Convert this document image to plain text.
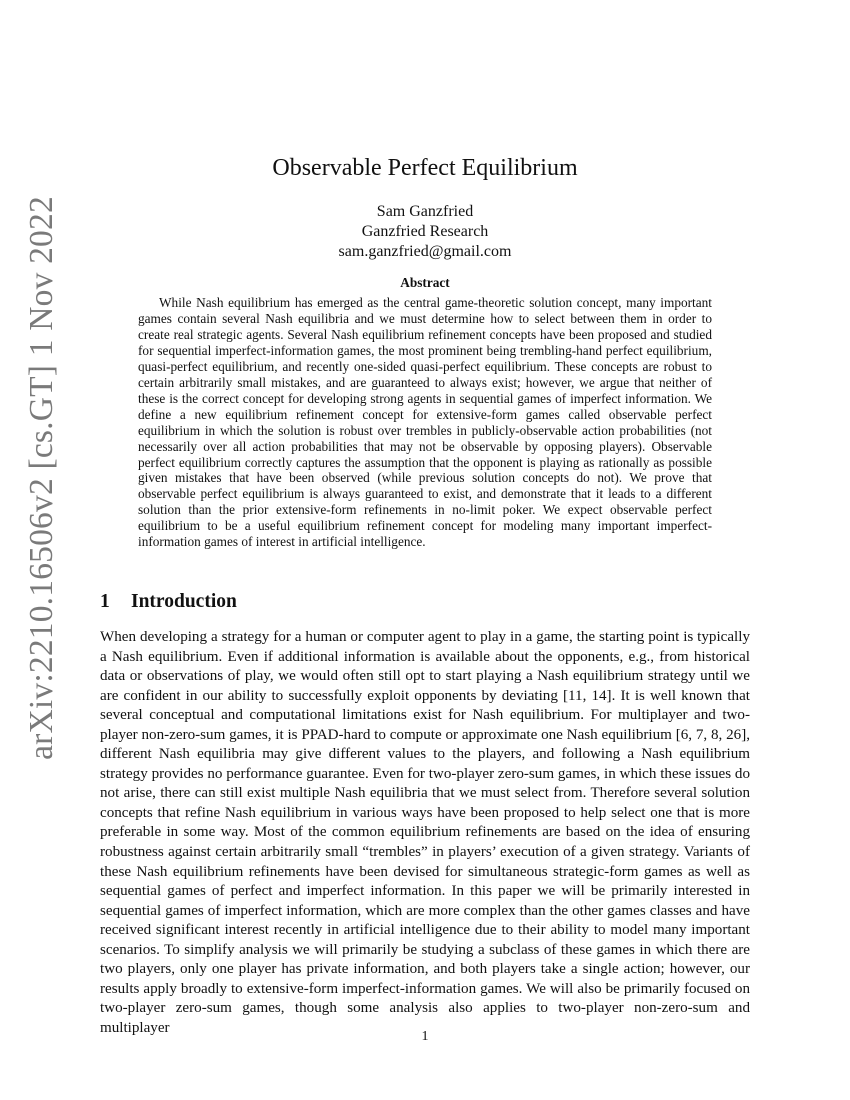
arXiv:2210.16506v2 [cs.GT] 1 Nov 2022
Observable Perfect Equilibrium
Sam Ganzfried
Ganzfried Research
sam.ganzfried@gmail.com
Abstract

While Nash equilibrium has emerged as the central game-theoretic solution concept, many important games contain several Nash equilibria and we must determine how to select between them in order to create real strategic agents. Several Nash equilibrium refinement concepts have been proposed and studied for sequential imperfect-information games, the most prominent being trembling-hand perfect equilibrium, quasi-perfect equilibrium, and recently one-sided quasi-perfect equilibrium. These concepts are robust to certain arbitrarily small mistakes, and are guaranteed to always exist; however, we argue that neither of these is the correct concept for developing strong agents in sequential games of imperfect information. We define a new equilibrium refinement concept for extensive-form games called observable perfect equilibrium in which the solution is robust over trembles in publicly-observable action probabilities (not necessarily over all action probabilities that may not be observable by opposing players). Observable perfect equilibrium correctly captures the assumption that the opponent is playing as rationally as possible given mistakes that have been observed (while previous solution concepts do not). We prove that observable perfect equilibrium is always guaranteed to exist, and demonstrate that it leads to a different solution than the prior extensive-form refinements in no-limit poker. We expect observable perfect equilibrium to be a useful equilibrium refinement concept for modeling many important imperfect-information games of interest in artificial intelligence.

1 Introduction

When developing a strategy for a human or computer agent to play in a game, the starting point is typically a Nash equilibrium. Even if additional information is available about the opponents, e.g., from historical data or observations of play, we would often still opt to start playing a Nash equilibrium strategy until we are confident in our ability to successfully exploit opponents by deviating [11, 14]. It is well known that several conceptual and computational limitations exist for Nash equilibrium. For multiplayer and two-player non-zero-sum games, it is PPAD-hard to compute or approximate one Nash equilibrium [6, 7, 8, 26], different Nash equilibria may give different values to the players, and following a Nash equilibrium strategy provides no performance guarantee. Even for two-player zero-sum games, in which these issues do not arise, there can still exist multiple Nash equilibria that we must select from. Therefore several solution concepts that refine Nash equilibrium in various ways have been proposed to help select one that is more preferable in some way. Most of the common equilibrium refinements are based on the idea of ensuring robustness against certain arbitrarily small “trembles” in players’ execution of a given strategy. Variants of these Nash equilibrium refinements have been devised for simultaneous strategic-form games as well as sequential games of perfect and imperfect information. In this paper we will be primarily interested in sequential games of imperfect information, which are more complex than the other games classes and have received significant interest recently in artificial intelligence due to their ability to model many important scenarios. To simplify analysis we will primarily be studying a subclass of these games in which there are two players, only one player has private information, and both players take a single action; however, our results apply broadly to extensive-form imperfect-information games. We will also be primarily focused on two-player zero-sum games, though some analysis also applies to two-player non-zero-sum and multiplayer

1
